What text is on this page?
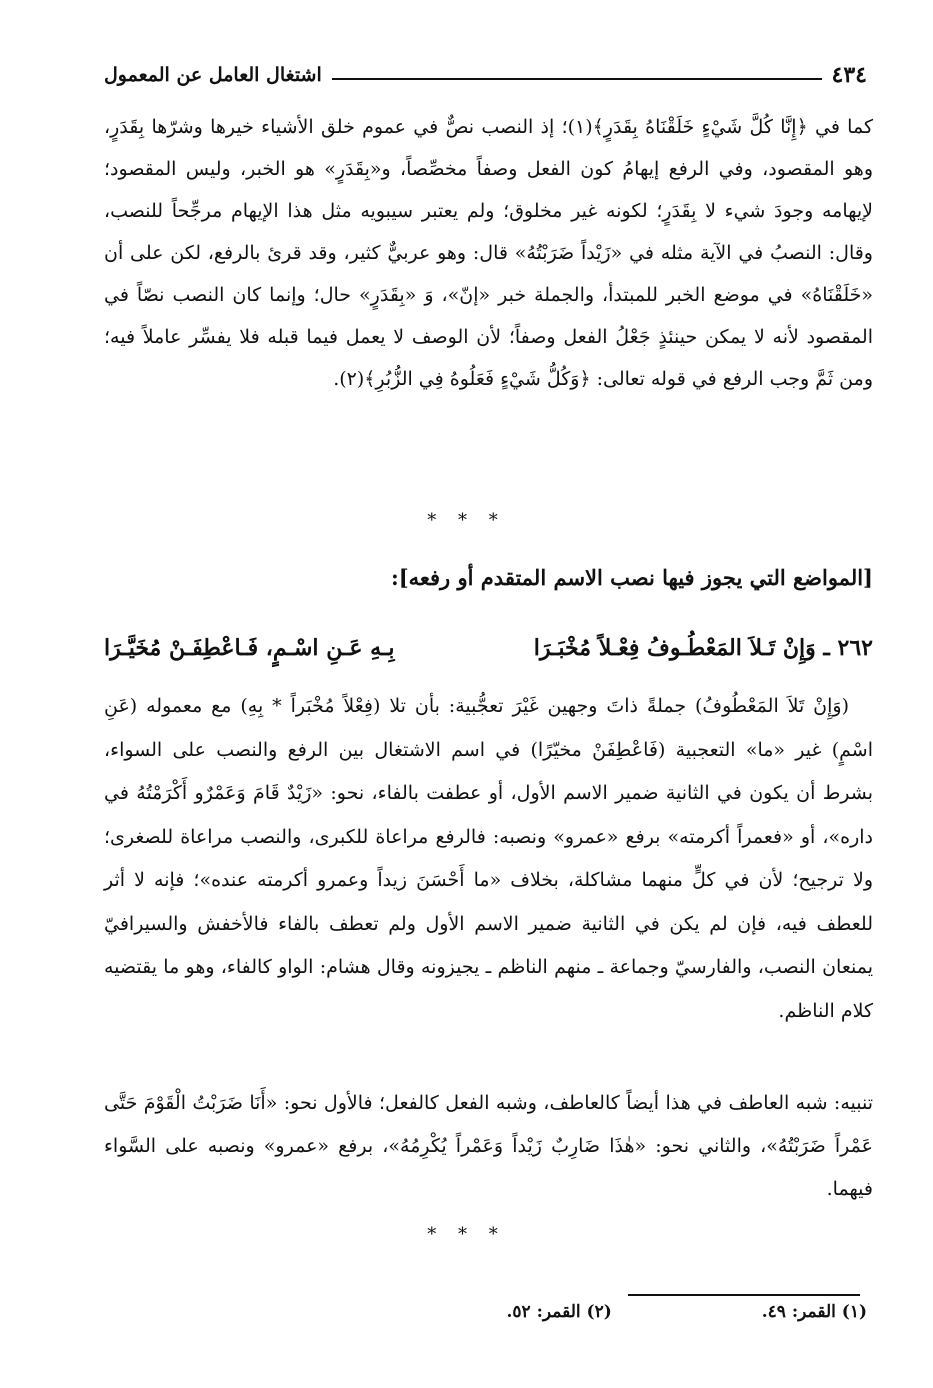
٤٣٤
اشتغال العامل عن المعمول
كما في ﴿إِنَّا كُلَّ شَيْءٍ خَلَقْنَاهُ بِقَدَرٍ﴾(١)؛ إذ النصب نصٌّ في عموم خلق الأشياء خيرها وشرّها بِقَدَرٍ، وهو المقصود، وفي الرفع إيهامُ كون الفعل وصفاً مخصِّصاً، و«بِقَدَرٍ» هو الخبر، وليس المقصود؛ لإيهامه وجودَ شيء لا بِقَدَرٍ؛ لكونه غير مخلوق؛ ولم يعتبر سيبويه مثل هذا الإيهام مرجِّحاً للنصب، وقال: النصبُ في الآية مثله في «زَيْداً ضَرَبْتُهُ» قال: وهو عربيٌّ كثير، وقد قرئ بالرفع، لكن على أن «خَلَقْنَاهُ» في موضع الخبر للمبتدأ، والجملة خبر «إنّ»، وَ «بِقَدَرٍ» حال؛ وإنما كان النصب نصّاً في المقصود لأنه لا يمكن حينئذٍ جَعْلُ الفعل وصفاً؛ لأن الوصف لا يعمل فيما قبله فلا يفسِّر عاملاً فيه؛ ومن ثَمَّ وجب الرفع في قوله تعالى: ﴿وَكُلُّ شَيْءٍ فَعَلُوهُ فِي الزُّبُرِ﴾(٢).
* * *
[المواضع التي يجوز فيها نصب الاسم المتقدم أو رفعه]:
٢٦٢ ـ وَإِنْ تَـلاَ المَعْطُـوفُ فِعْـلاً مُخْبَـرَا
بِـهِ عَـنِ اسْـمٍ، فَـاعْطِفَـنْ مُخَيَّـرَا
(وَإِنْ تَلاَ المَعْطُوفُ) جملةً ذاتَ وجهين غَيْرَ تعجُّبية: بأن تلا (فِعْلاً مُخْبَراً * بِهِ) مع معموله (عَنِ اسْمٍ) غير «ما» التعجبية (فَاعْطِفَنْ مخيّرًا) في اسم الاشتغال بين الرفع والنصب على السواء، بشرط أن يكون في الثانية ضمير الاسم الأول، أو عطفت بالفاء، نحو: «زَيْدٌ قَامَ وَعَمْرٌو أَكْرَمْتُهُ في داره»، أو «فعمراً أكرمته» برفع «عمرو» ونصبه: فالرفع مراعاة للكبرى، والنصب مراعاة للصغرى؛ ولا ترجيح؛ لأن في كلٍّ منهما مشاكلة، بخلاف «ما أَحْسَنَ زيداً وعمرو أكرمته عنده»؛ فإنه لا أثر للعطف فيه، فإن لم يكن في الثانية ضمير الاسم الأول ولم تعطف بالفاء فالأخفش والسيرافيّ يمنعان النصب، والفارسيّ وجماعة ـ منهم الناظم ـ يجيزونه وقال هشام: الواو كالفاء، وهو ما يقتضيه كلام الناظم.
تنبيه: شبه العاطف في هذا أيضاً كالعاطف، وشبه الفعل كالفعل؛ فالأول نحو: «أَنَا ضَرَبْتُ الْقَوْمَ حَتَّى عَمْراً ضَرَبْتُهُ»، والثاني نحو: «هٰذَا ضَارِبٌ زَيْداً وَعَمْراً يُكْرِمُهُ»، برفع «عمرو» ونصبه على السَّواء فيهما.
* * *
(١) القمر: ٤٩.
(٢) القمر: ٥٢.
